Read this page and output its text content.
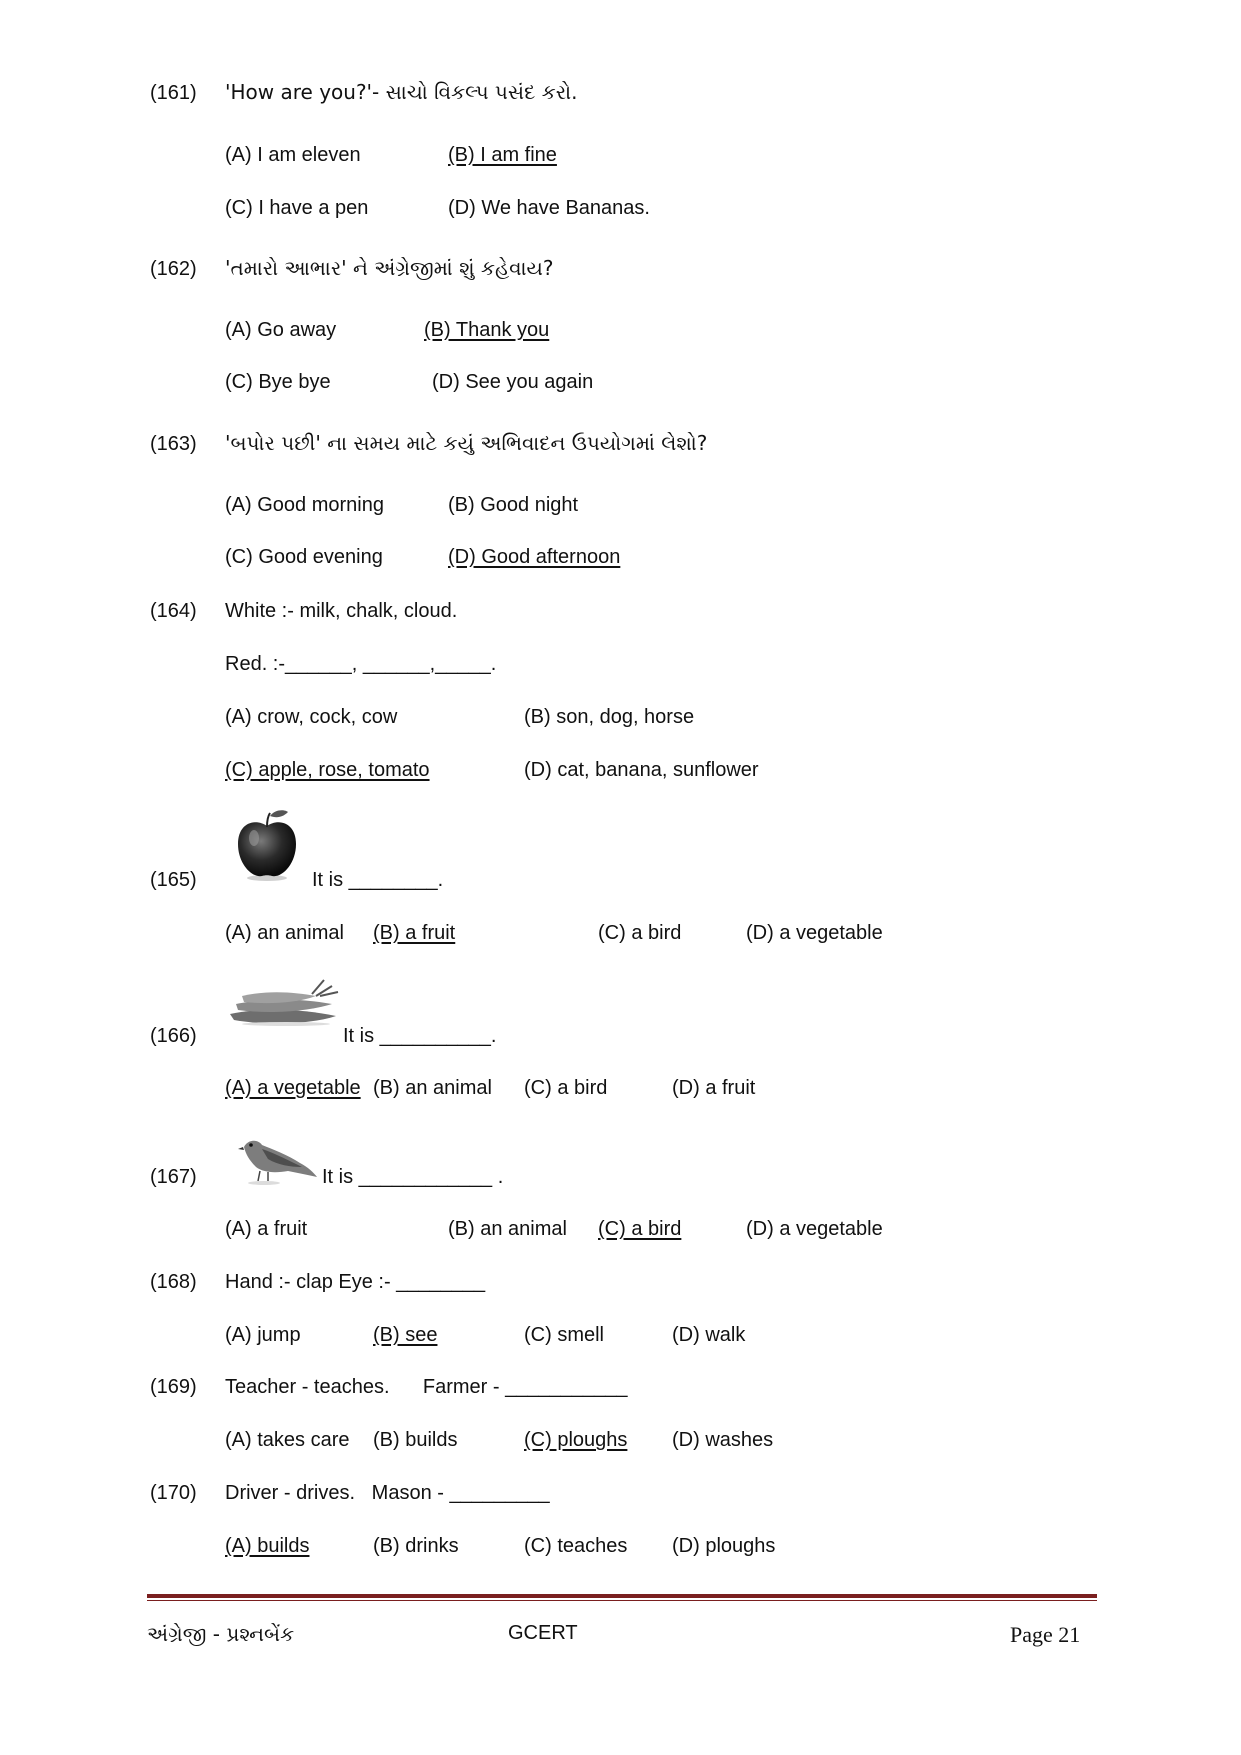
(161) 'How are you?'- સાચો વિકલ્પ પસંદ કરો.
(A) I am eleven	(B) I am fine
(C) I have a pen	(D) We have Bananas.
(162) 'તમારો આભાર' ને અંગ્રેજીમાં શું કહેવાય?
(A) Go away	(B) Thank you
(C) Bye bye	(D) See you again
(163) 'બપોર પછી' ના સમય માટે કયું અભિવાદન ઉપયોગમાં લેશો?
(A) Good morning	(B) Good night
(C) Good evening	(D) Good afternoon
(164) White :- milk, chalk, cloud.
Red. :-______, ______,_____.
(A) crow, cock, cow	(B) son, dog, horse
(C) apple, rose, tomato	(D) cat, banana, sunflower
(165)	It is ________.
(A) an animal (B) a fruit	(C) a bird	(D) a vegetable
(166)	It is __________.
(A) a vegetable (B) an animal (C) a bird	(D) a fruit
(167)	It is ____________ .
(A) a fruit	(B) an animal (C) a bird	(D) a vegetable
(168) Hand :- clap Eye :- ________
(A) jump	(B) see	(C) smell	(D) walk
(169) Teacher - teaches.      Farmer - ___________
(A) takes care (B) builds	(C) ploughs (D) washes
(170) Driver - drives.   Mason - _________
(A) builds	(B) drinks	(C) teaches (D) ploughs
અંગ્રેજી - પ્રશ્નબેંક	GCERT	Page 21
